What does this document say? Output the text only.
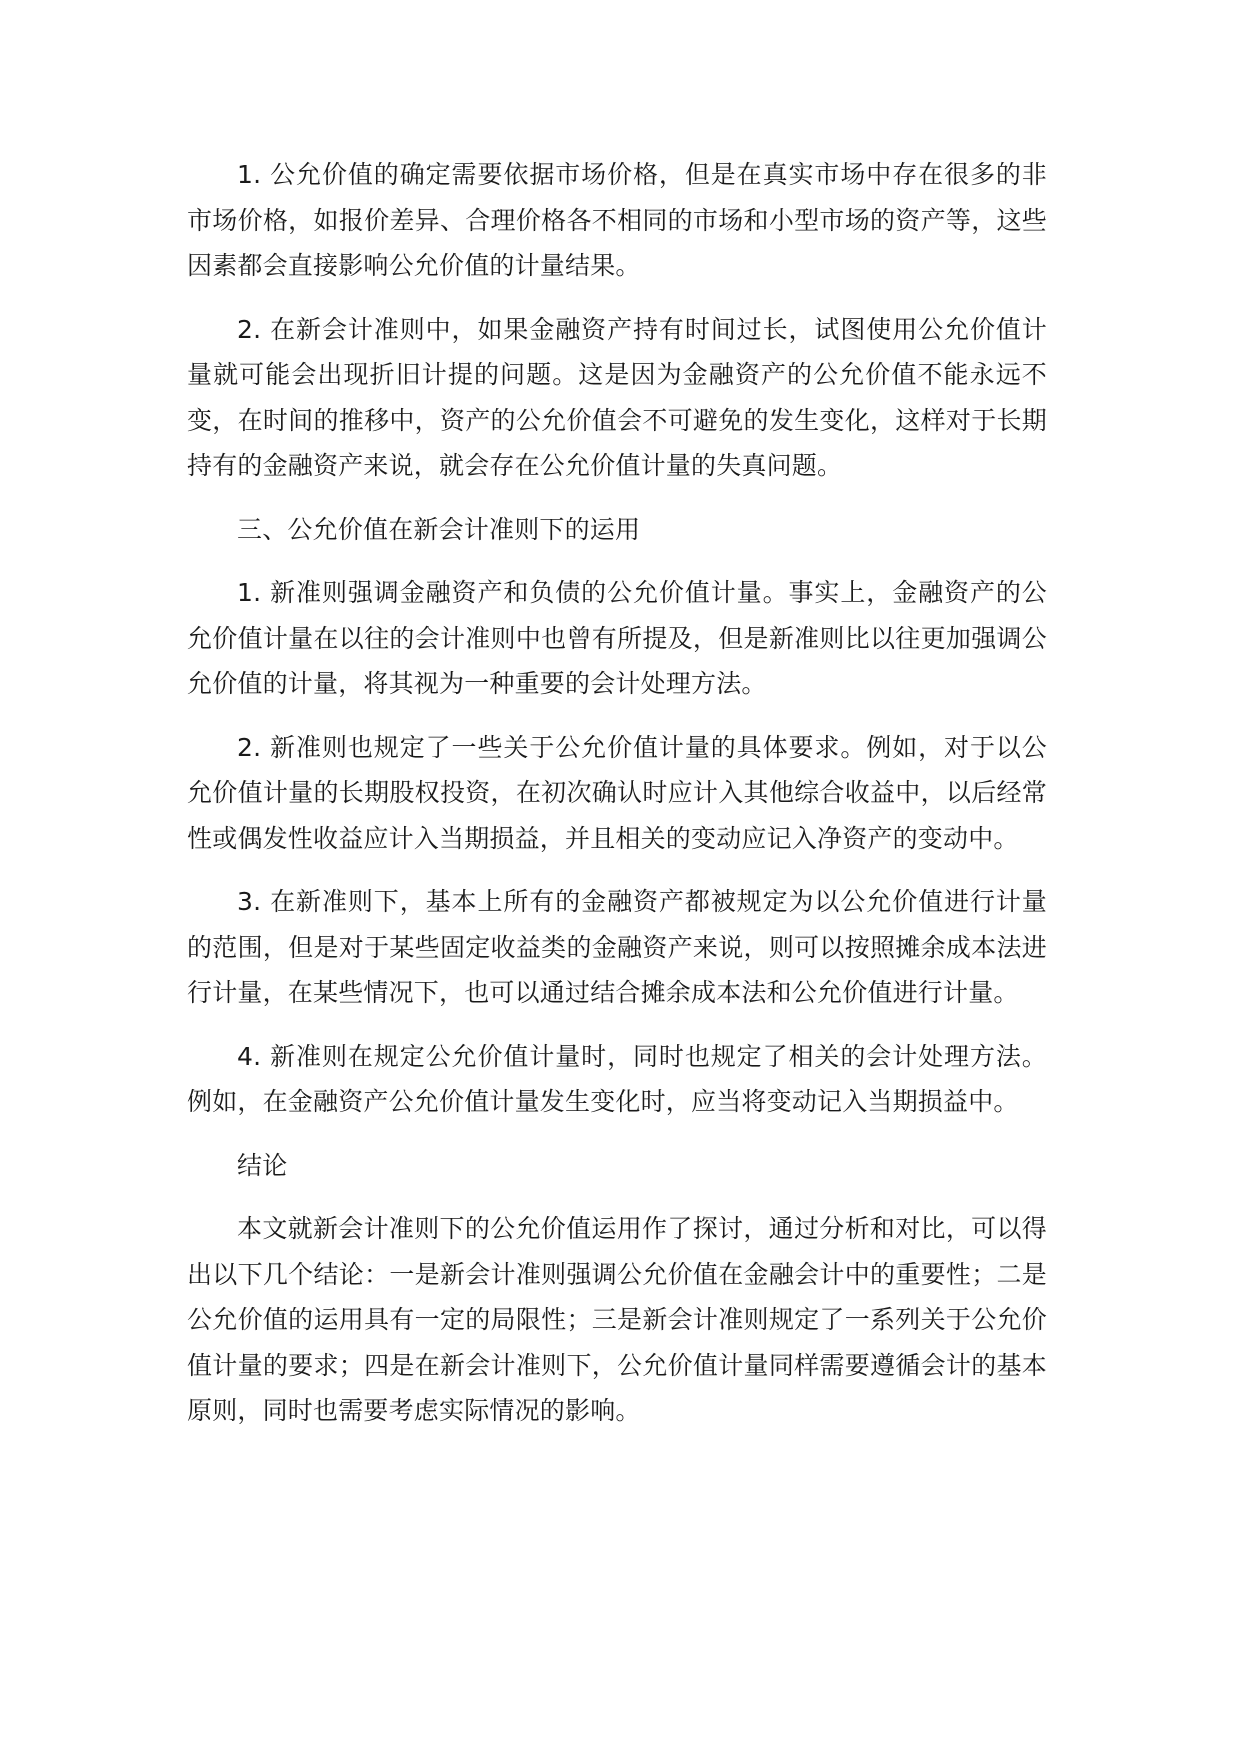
1. 公允价值的确定需要依据市场价格，但是在真实市场中存在很多的非市场价格，如报价差异、合理价格各不相同的市场和小型市场的资产等，这些因素都会直接影响公允价值的计量结果。

2. 在新会计准则中，如果金融资产持有时间过长，试图使用公允价值计量就可能会出现折旧计提的问题。这是因为金融资产的公允价值不能永远不变，在时间的推移中，资产的公允价值会不可避免的发生变化，这样对于长期持有的金融资产来说，就会存在公允价值计量的失真问题。

三、公允价值在新会计准则下的运用

1. 新准则强调金融资产和负债的公允价值计量。事实上，金融资产的公允价值计量在以往的会计准则中也曾有所提及，但是新准则比以往更加强调公允价值的计量，将其视为一种重要的会计处理方法。

2. 新准则也规定了一些关于公允价值计量的具体要求。例如，对于以公允价值计量的长期股权投资，在初次确认时应计入其他综合收益中，以后经常性或偶发性收益应计入当期损益，并且相关的变动应记入净资产的变动中。

3. 在新准则下，基本上所有的金融资产都被规定为以公允价值进行计量的范围，但是对于某些固定收益类的金融资产来说，则可以按照摊余成本法进行计量，在某些情况下，也可以通过结合摊余成本法和公允价值进行计量。

4. 新准则在规定公允价值计量时，同时也规定了相关的会计处理方法。例如，在金融资产公允价值计量发生变化时，应当将变动记入当期损益中。

结论

本文就新会计准则下的公允价值运用作了探讨，通过分析和对比，可以得出以下几个结论：一是新会计准则强调公允价值在金融会计中的重要性；二是公允价值的运用具有一定的局限性；三是新会计准则规定了一系列关于公允价值计量的要求；四是在新会计准则下，公允价值计量同样需要遵循会计的基本原则，同时也需要考虑实际情况的影响。
